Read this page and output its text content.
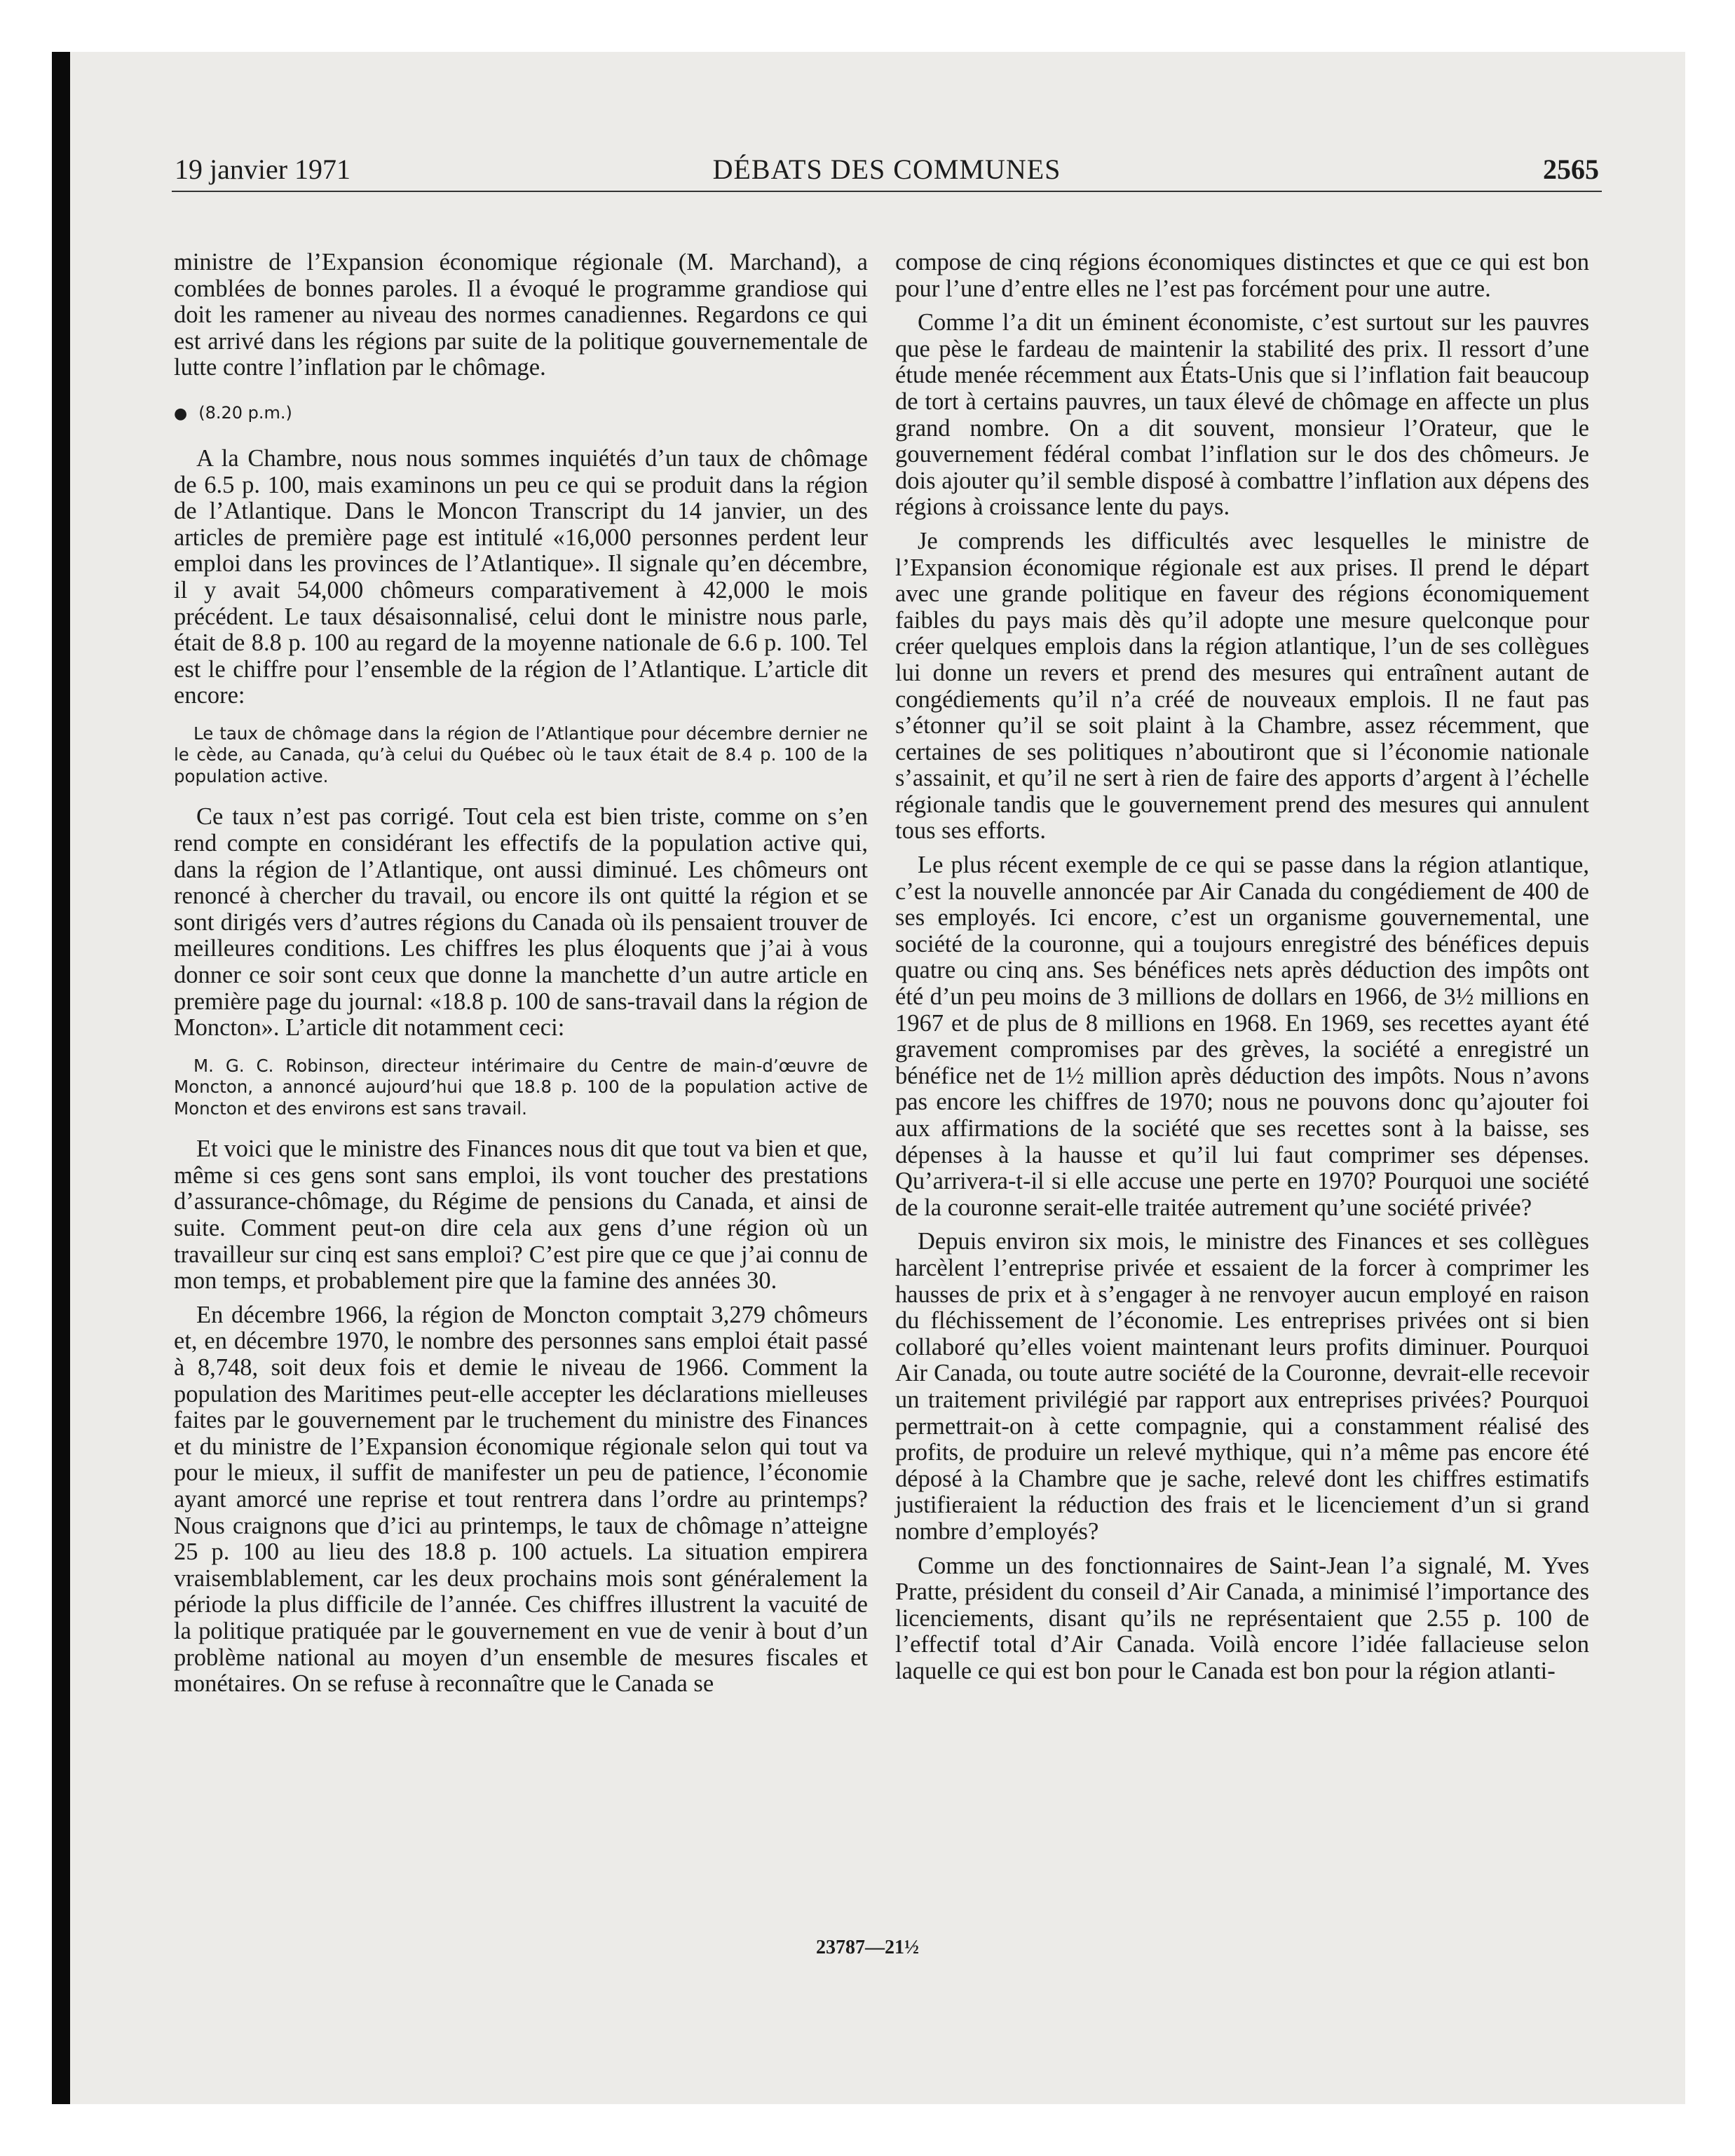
19 janvier 1971	DÉBATS DES COMMUNES	2565

ministre de l’Expansion économique régionale (M. Marchand), a comblées de bonnes paroles. Il a évoqué le programme grandiose qui doit les ramener au niveau des normes canadiennes. Regardons ce qui est arrivé dans les régions par suite de la politique gouvernementale de lutte contre l’inflation par le chômage.

● (8.20 p.m.)

A la Chambre, nous nous sommes inquiétés d’un taux de chômage de 6.5 p. 100, mais examinons un peu ce qui se produit dans la région de l’Atlantique. Dans le Moncon Transcript du 14 janvier, un des articles de première page est intitulé «16,000 personnes perdent leur emploi dans les provinces de l’Atlantique». Il signale qu’en décembre, il y avait 54,000 chômeurs comparativement à 42,000 le mois précédent. Le taux désaisonnalisé, celui dont le ministre nous parle, était de 8.8 p. 100 au regard de la moyenne nationale de 6.6 p. 100. Tel est le chiffre pour l’ensemble de la région de l’Atlantique. L’article dit encore:

Le taux de chômage dans la région de l’Atlantique pour décembre dernier ne le cède, au Canada, qu’à celui du Québec où le taux était de 8.4 p. 100 de la population active.

Ce taux n’est pas corrigé. Tout cela est bien triste, comme on s’en rend compte en considérant les effectifs de la population active qui, dans la région de l’Atlantique, ont aussi diminué. Les chômeurs ont renoncé à chercher du travail, ou encore ils ont quitté la région et se sont dirigés vers d’autres régions du Canada où ils pensaient trouver de meilleures conditions. Les chiffres les plus éloquents que j’ai à vous donner ce soir sont ceux que donne la manchette d’un autre article en première page du journal: «18.8 p. 100 de sans-travail dans la région de Moncton». L’article dit notamment ceci:

M. G. C. Robinson, directeur intérimaire du Centre de main-d’œuvre de Moncton, a annoncé aujourd’hui que 18.8 p. 100 de la population active de Moncton et des environs est sans travail.

Et voici que le ministre des Finances nous dit que tout va bien et que, même si ces gens sont sans emploi, ils vont toucher des prestations d’assurance-chômage, du Régime de pensions du Canada, et ainsi de suite. Comment peut-on dire cela aux gens d’une région où un travailleur sur cinq est sans emploi? C’est pire que ce que j’ai connu de mon temps, et probablement pire que la famine des années 30.

En décembre 1966, la région de Moncton comptait 3,279 chômeurs et, en décembre 1970, le nombre des personnes sans emploi était passé à 8,748, soit deux fois et demie le niveau de 1966. Comment la population des Maritimes peut-elle accepter les déclarations mielleuses faites par le gouvernement par le truchement du ministre des Finances et du ministre de l’Expansion économique régionale selon qui tout va pour le mieux, il suffit de manifester un peu de patience, l’économie ayant amorcé une reprise et tout rentrera dans l’ordre au printemps? Nous craignons que d’ici au printemps, le taux de chômage n’atteigne 25 p. 100 au lieu des 18.8 p. 100 actuels. La situation empirera vraisemblablement, car les deux prochains mois sont généralement la période la plus difficile de l’année. Ces chiffres illustrent la vacuité de la politique pratiquée par le gouvernement en vue de venir à bout d’un problème national au moyen d’un ensemble de mesures fiscales et monétaires. On se refuse à reconnaître que le Canada se

compose de cinq régions économiques distinctes et que ce qui est bon pour l’une d’entre elles ne l’est pas forcément pour une autre.

Comme l’a dit un éminent économiste, c’est surtout sur les pauvres que pèse le fardeau de maintenir la stabilité des prix. Il ressort d’une étude menée récemment aux États-Unis que si l’inflation fait beaucoup de tort à certains pauvres, un taux élevé de chômage en affecte un plus grand nombre. On a dit souvent, monsieur l’Orateur, que le gouvernement fédéral combat l’inflation sur le dos des chômeurs. Je dois ajouter qu’il semble disposé à combattre l’inflation aux dépens des régions à croissance lente du pays.

Je comprends les difficultés avec lesquelles le ministre de l’Expansion économique régionale est aux prises. Il prend le départ avec une grande politique en faveur des régions économiquement faibles du pays mais dès qu’il adopte une mesure quelconque pour créer quelques emplois dans la région atlantique, l’un de ses collègues lui donne un revers et prend des mesures qui entraînent autant de congédiements qu’il n’a créé de nouveaux emplois. Il ne faut pas s’étonner qu’il se soit plaint à la Chambre, assez récemment, que certaines de ses politiques n’aboutiront que si l’économie nationale s’assainit, et qu’il ne sert à rien de faire des apports d’argent à l’échelle régionale tandis que le gouvernement prend des mesures qui annulent tous ses efforts.

Le plus récent exemple de ce qui se passe dans la région atlantique, c’est la nouvelle annoncée par Air Canada du congédiement de 400 de ses employés. Ici encore, c’est un organisme gouvernemental, une société de la couronne, qui a toujours enregistré des bénéfices depuis quatre ou cinq ans. Ses bénéfices nets après déduction des impôts ont été d’un peu moins de 3 millions de dollars en 1966, de 3½ millions en 1967 et de plus de 8 millions en 1968. En 1969, ses recettes ayant été gravement compromises par des grèves, la société a enregistré un bénéfice net de 1½ million après déduction des impôts. Nous n’avons pas encore les chiffres de 1970; nous ne pouvons donc qu’ajouter foi aux affirmations de la société que ses recettes sont à la baisse, ses dépenses à la hausse et qu’il lui faut comprimer ses dépenses. Qu’arrivera-t-il si elle accuse une perte en 1970? Pourquoi une société de la couronne serait-elle traitée autrement qu’une société privée?

Depuis environ six mois, le ministre des Finances et ses collègues harcèlent l’entreprise privée et essaient de la forcer à comprimer les hausses de prix et à s’engager à ne renvoyer aucun employé en raison du fléchissement de l’économie. Les entreprises privées ont si bien collaboré qu’elles voient maintenant leurs profits diminuer. Pourquoi Air Canada, ou toute autre société de la Couronne, devrait-elle recevoir un traitement privilégié par rapport aux entreprises privées? Pourquoi permettrait-on à cette compagnie, qui a constamment réalisé des profits, de produire un relevé mythique, qui n’a même pas encore été déposé à la Chambre que je sache, relevé dont les chiffres estimatifs justifieraient la réduction des frais et le licenciement d’un si grand nombre d’employés?

Comme un des fonctionnaires de Saint-Jean l’a signalé, M. Yves Pratte, président du conseil d’Air Canada, a minimisé l’importance des licenciements, disant qu’ils ne représentaient que 2.55 p. 100 de l’effectif total d’Air Canada. Voilà encore l’idée fallacieuse selon laquelle ce qui est bon pour le Canada est bon pour la région atlanti-

23787—21½
